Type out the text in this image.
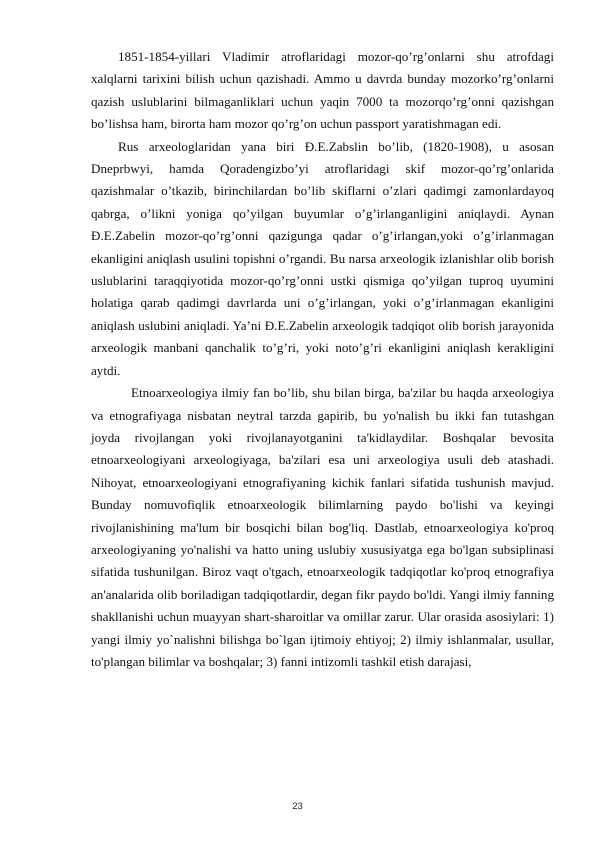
1851-1854-yillari Vladimir atroflaridagi mozor-qo’rg’onlarni shu atrofdagi xalqlarni tarixini bilish uchun qazishadi. Ammo u davrda bunday mozorko’rg’onlarni qazish uslublarini bilmaganliklari uchun yaqin 7000 ta mozorqo’rg’onni qazishgan bo’lishsa ham, birorta ham mozor qo’rg’on uchun passport yaratishmagan edi.

Rus arxeologlaridan yana biri Ð.E.Zabslin bo’lib, (1820-1908), u asosan Dneprbwyi, hamda Qoradengizbo’yi atroflaridagi skif mozor-qo’rg’onlarida qazishmalar o’tkazib, birinchilardan bo’lib skiflarni o’zlari qadimgi zamonlardayoq qabrga, o’likni yoniga qo’yilgan buyumlar o’g’irlanganligini aniqlaydi. Aynan Ð.E.Zabelin mozor-qo’rg’onni qazigunga qadar o’g’irlangan,yoki o’g’irlanmagan ekanligini aniqlash usulini topishni o’rgandi. Bu narsa arxeologik izlanishlar olib borish uslublarini taraqqiyotida mozor-qo’rg’onni ustki qismiga qo’yilgan tuproq uyumini holatiga qarab qadimgi davrlarda uni o’g’irlangan, yoki o’g’irlanmagan ekanligini aniqlash uslubini aniqladi. Ya’ni Ð.E.Zabelin arxeologik tadqiqot olib borish jarayonida arxeologik manbani qanchalik to’g’ri, yoki noto’g’ri ekanligini aniqlash kerakligini aytdi.

Etnoarxeologiya ilmiy fan bo’lib, shu bilan birga, ba'zilar bu haqda arxeologiya va etnografiyaga nisbatan neytral tarzda gapirib, bu yo'nalish bu ikki fan tutashgan joyda rivojlangan yoki rivojlanayotganini ta'kidlaydilar. Boshqalar bevosita etnoarxeologiyani arxeologiyaga, ba'zilari esa uni arxeologiya usuli deb atashadi. Nihoyat, etnoarxeologiyani etnografiyaning kichik fanlari sifatida tushunish mavjud. Bunday nomuvofiqlik etnoarxeologik bilimlarning paydo bo'lishi va keyingi rivojlanishining ma'lum bir bosqichi bilan bog'liq. Dastlab, etnoarxeologiya ko'proq arxeologiyaning yo'nalishi va hatto uning uslubiy xususiyatga ega bo'lgan subsiplinasi sifatida tushunilgan. Biroz vaqt o'tgach, etnoarxeologik tadqiqotlar ko'proq etnografiya an'analarida olib boriladigan tadqiqotlardir, degan fikr paydo bo'ldi. Yangi ilmiy fanning shakllanishi uchun muayyan shart-sharoitlar va omillar zarur. Ular orasida asosiylari: 1) yangi ilmiy yo`nalishni bilishga bo`lgan ijtimoiy ehtiyoj; 2) ilmiy ishlanmalar, usullar, to'plangan bilimlar va boshqalar; 3) fanni intizomli tashkil etish darajasi,

23
